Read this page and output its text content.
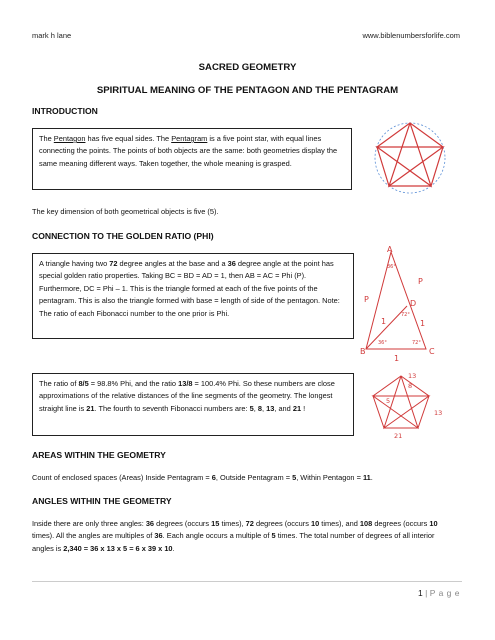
mark h lane	www.biblenumbersforlife.com
SACRED GEOMETRY
SPIRITUAL MEANING OF THE PENTAGON AND THE PENTAGRAM
INTRODUCTION

The Pentagon has five equal sides. The Pentagram is a five point star, with equal lines connecting the points. The points of both objects are the same: both geometries display the same meaning different ways. Taken together, the whole meaning is grasped.

The key dimension of both geometrical objects is five (5).
CONNECTION TO THE GOLDEN RATIO (PHI)

A triangle having two 72 degree angles at the base and a 36 degree angle at the point has special golden ratio properties. Taking BC = BD = AD = 1, then AB = AC = Phi (P). Furthermore, DC = Phi – 1. This is the triangle formed at each of the five points of the pentagram. This is also the triangle formed with base = length of side of the pentagon. Note: The ratio of each Fibonacci number to the one prior is Phi.

A
B	C
D
P
P
1
1	1
36°
72°
36°	72°

The ratio of 8/5 = 98.8% Phi, and the ratio 13/8 = 100.4% Phi. So these numbers are close approximations of the relative distances of the line segments of the geometry. The longest straight line is 21. The fourth to seventh Fibonacci numbers are: 5, 8, 13, and 21 !

13
8
5
13
21
AREAS WITHIN THE GEOMETRY
Count of enclosed spaces (Areas) Inside Pentagram = 6, Outside Pentagram = 5, Within Pentagon = 11.
ANGLES WITHIN THE GEOMETRY
Inside there are only three angles: 36 degrees (occurs 15 times), 72 degrees (occurs 10 times), and 108 degrees (occurs 10 times). All the angles are multiples of 36. Each angle occurs a multiple of 5 times. The total number of degrees of all interior angles is 2,340 = 36 x 13 x 5 = 6 x 39 x 10.
1 | P a g e
